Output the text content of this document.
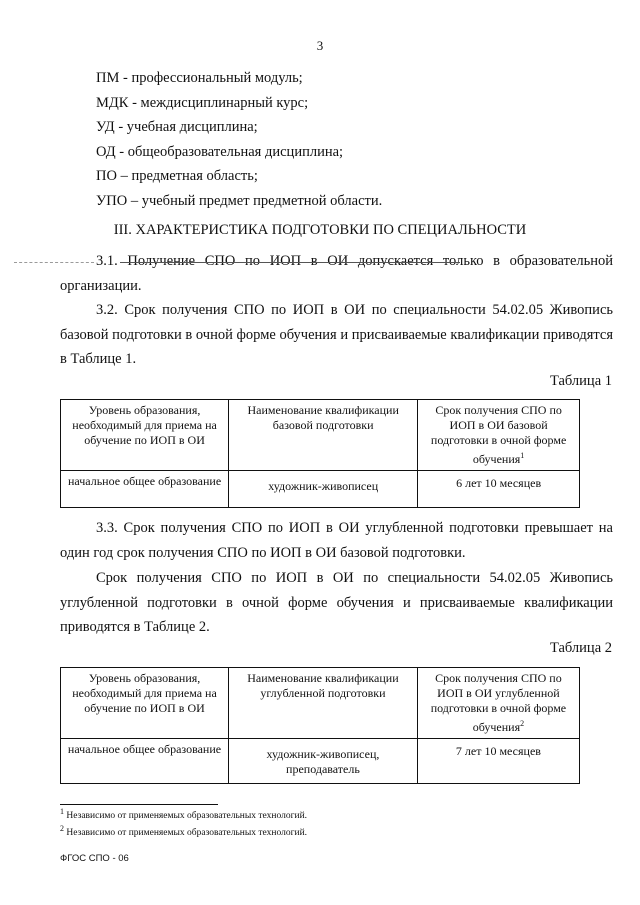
3
ПМ - профессиональный модуль;
МДК - междисциплинарный курс;
УД - учебная дисциплина;
ОД - общеобразовательная дисциплина;
ПО – предметная область;
УПО – учебный предмет предметной области.
III. ХАРАКТЕРИСТИКА ПОДГОТОВКИ ПО СПЕЦИАЛЬНОСТИ
3.1. Получение СПО по ИОП в ОИ допускается только в образовательной организации.
3.2. Срок получения СПО по ИОП в ОИ по специальности 54.02.05 Живопись базовой подготовки в очной форме обучения и присваиваемые квалификации приводятся в Таблице 1.
Таблица 1
Уровень образования, необходимый для приема на обучение по ИОП в ОИ	Наименование квалификации базовой подготовки	Срок получения СПО по ИОП в ОИ базовой подготовки в очной форме обучения$^1$
начальное общее образование	художник-живописец	6 лет 10 месяцев
3.3. Срок получения СПО по ИОП в ОИ углубленной подготовки превышает на один год срок получения СПО по ИОП в ОИ базовой подготовки.
Срок получения СПО по ИОП в ОИ по специальности 54.02.05 Живопись углубленной подготовки в очной форме обучения и присваиваемые квалификации приводятся в Таблице 2.
Таблица 2
Уровень образования, необходимый для приема на обучение по ИОП в ОИ	Наименование квалификации углубленной подготовки	Срок получения СПО по ИОП в ОИ углубленной подготовки в очной форме обучения$^2$
начальное общее образование	художник-живописец, преподаватель	7 лет 10 месяцев
$^1$ Независимо от применяемых образовательных технологий.
$^2$ Независимо от применяемых образовательных технологий.
ФГОС СПО - 06
